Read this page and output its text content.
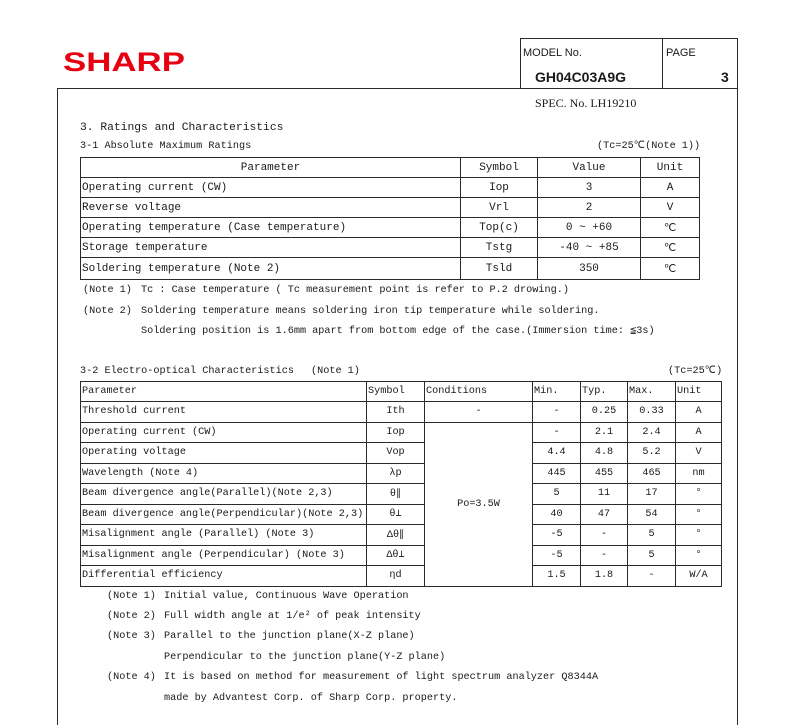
SHARP	MODEL No.
GH04C03A9G
PAGE
3
SPEC. No. LH19210
3. Ratings and Characteristics
3-1 Absolute Maximum Ratings	(Tc=25℃(Note 1))
Parameter	Symbol	Value	Unit
Operating current (CW)	Iop	3	A
Reverse voltage	Vrl	2	V
Operating temperature (Case temperature)	Top(c)	0 ~ +60	℃
Storage temperature	Tstg	-40 ~ +85	℃
Soldering temperature (Note 2)	Tsld	350	℃
(Note 1) Tc : Case temperature ( Tc measurement point is refer to P.2 drowing.)
(Note 2) Soldering temperature means soldering iron tip temperature while soldering.
Soldering position is 1.6mm apart from bottom edge of the case.(Immersion time: ≦3s)
3-2 Electro-optical Characteristics (Note 1)	(Tc=25℃)
Parameter	Symbol	Conditions	Min.	Typ.	Max.	Unit
Threshold current	Ith	-	-	0.25	0.33	A
Operating current (CW)	Iop	Po=3.5W	-	2.1	2.4	A
Operating voltage	Vop		4.4	4.8	5.2	V
Wavelength (Note 4)	λp		445	455	465	nm
Beam divergence angle(Parallel)(Note 2,3)	θ∥		5	11	17	°
Beam divergence angle(Perpendicular)(Note 2,3)	θ⊥		40	47	54	°
Misalignment angle (Parallel) (Note 3)	Δθ∥		-5	-	5	°
Misalignment angle (Perpendicular) (Note 3)	Δθ⊥		-5	-	5	°
Differential efficiency	ηd		1.5	1.8	-	W/A
(Note 1) Initial value, Continuous Wave Operation
(Note 2) Full width angle at 1/e² of peak intensity
(Note 3) Parallel to the junction plane(X-Z plane)
Perpendicular to the junction plane(Y-Z plane)
(Note 4) It is based on method for measurement of light spectrum analyzer Q8344A
made by Advantest Corp. of Sharp Corp. property.
